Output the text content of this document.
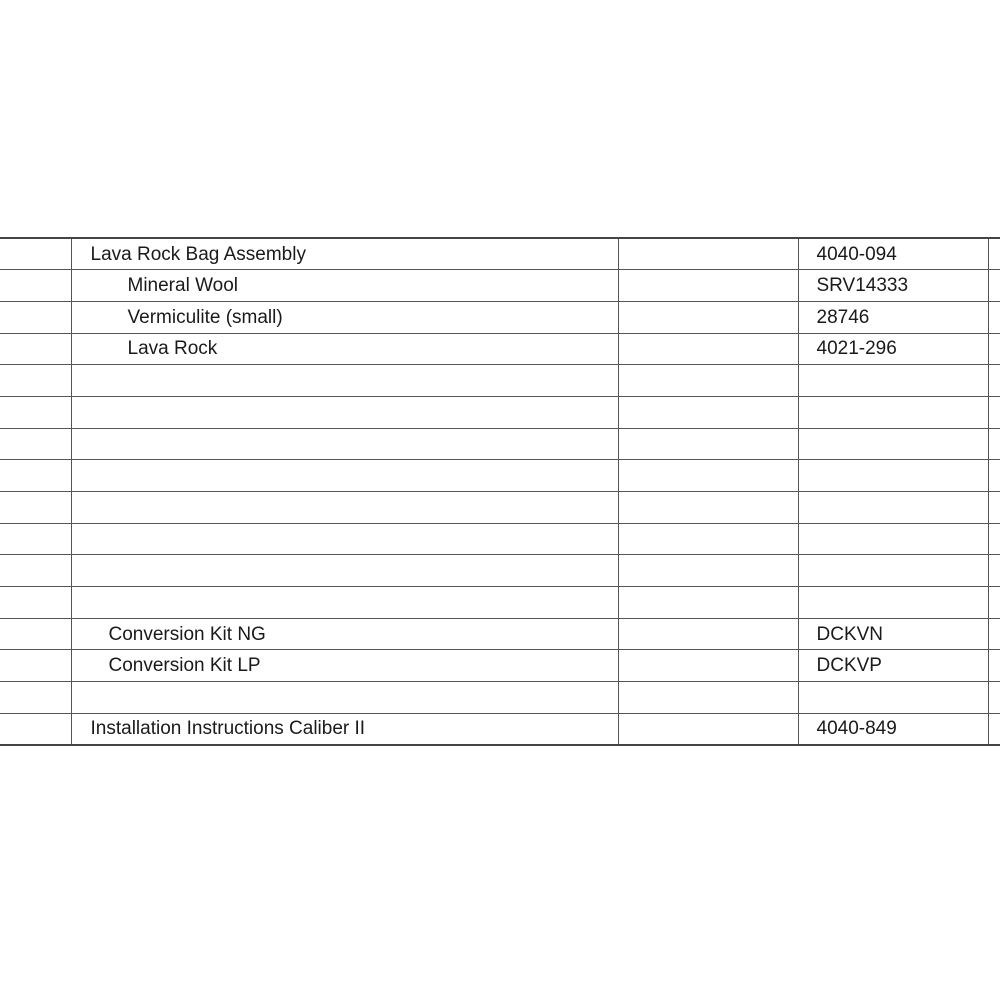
	Lava Rock Bag Assembly		4040-094	
	Mineral Wool		SRV14333	
	Vermiculite (small)		28746	
	Lava Rock		4021-296	

	Conversion Kit NG		DCKVN	
	Conversion Kit LP		DCKVP	

	Installation Instructions Caliber II		4040-849	
